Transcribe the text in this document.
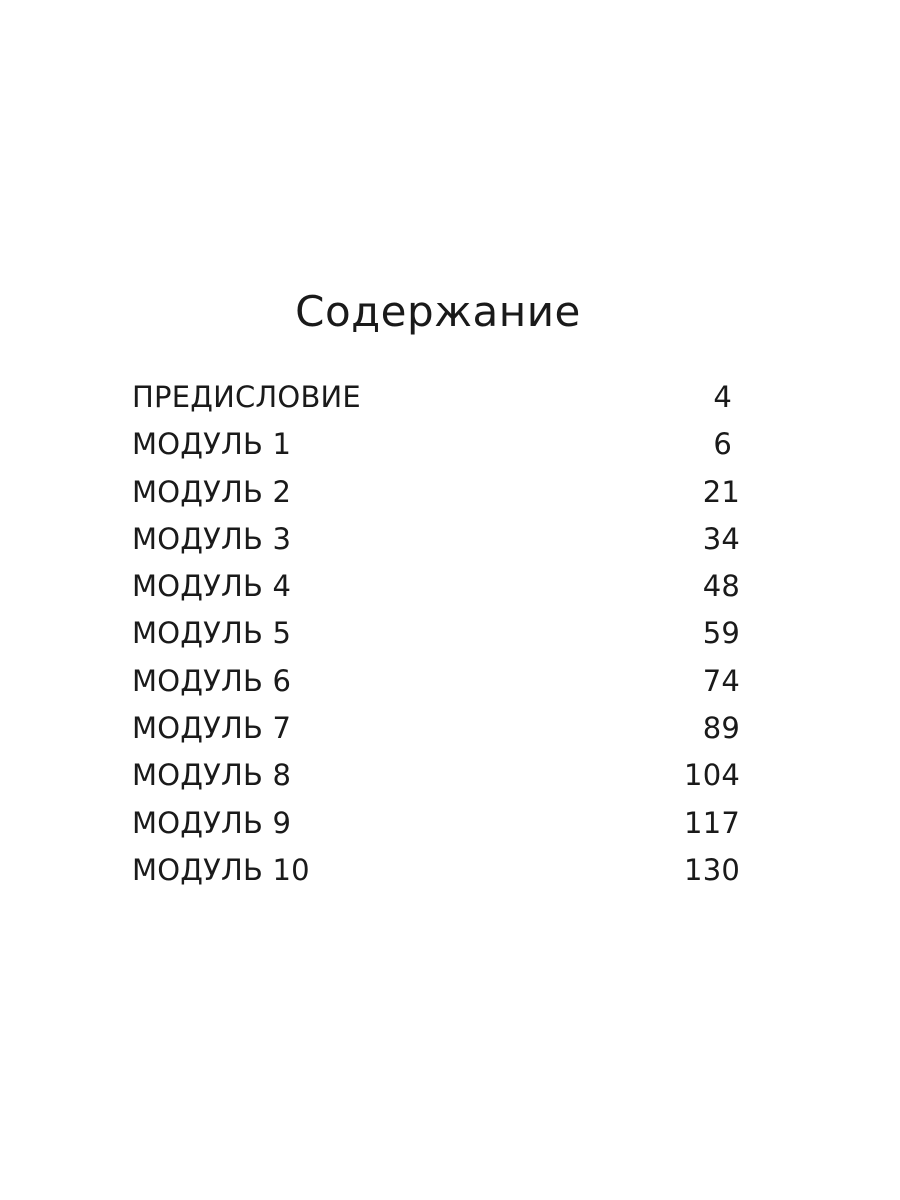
Содержание
ПРЕДИСЛОВИЕ	4
МОДУЛЬ 1	6
МОДУЛЬ 2	21
МОДУЛЬ 3	34
МОДУЛЬ 4	48
МОДУЛЬ 5	59
МОДУЛЬ 6	74
МОДУЛЬ 7	89
МОДУЛЬ 8	104
МОДУЛЬ 9	117
МОДУЛЬ 10	130
